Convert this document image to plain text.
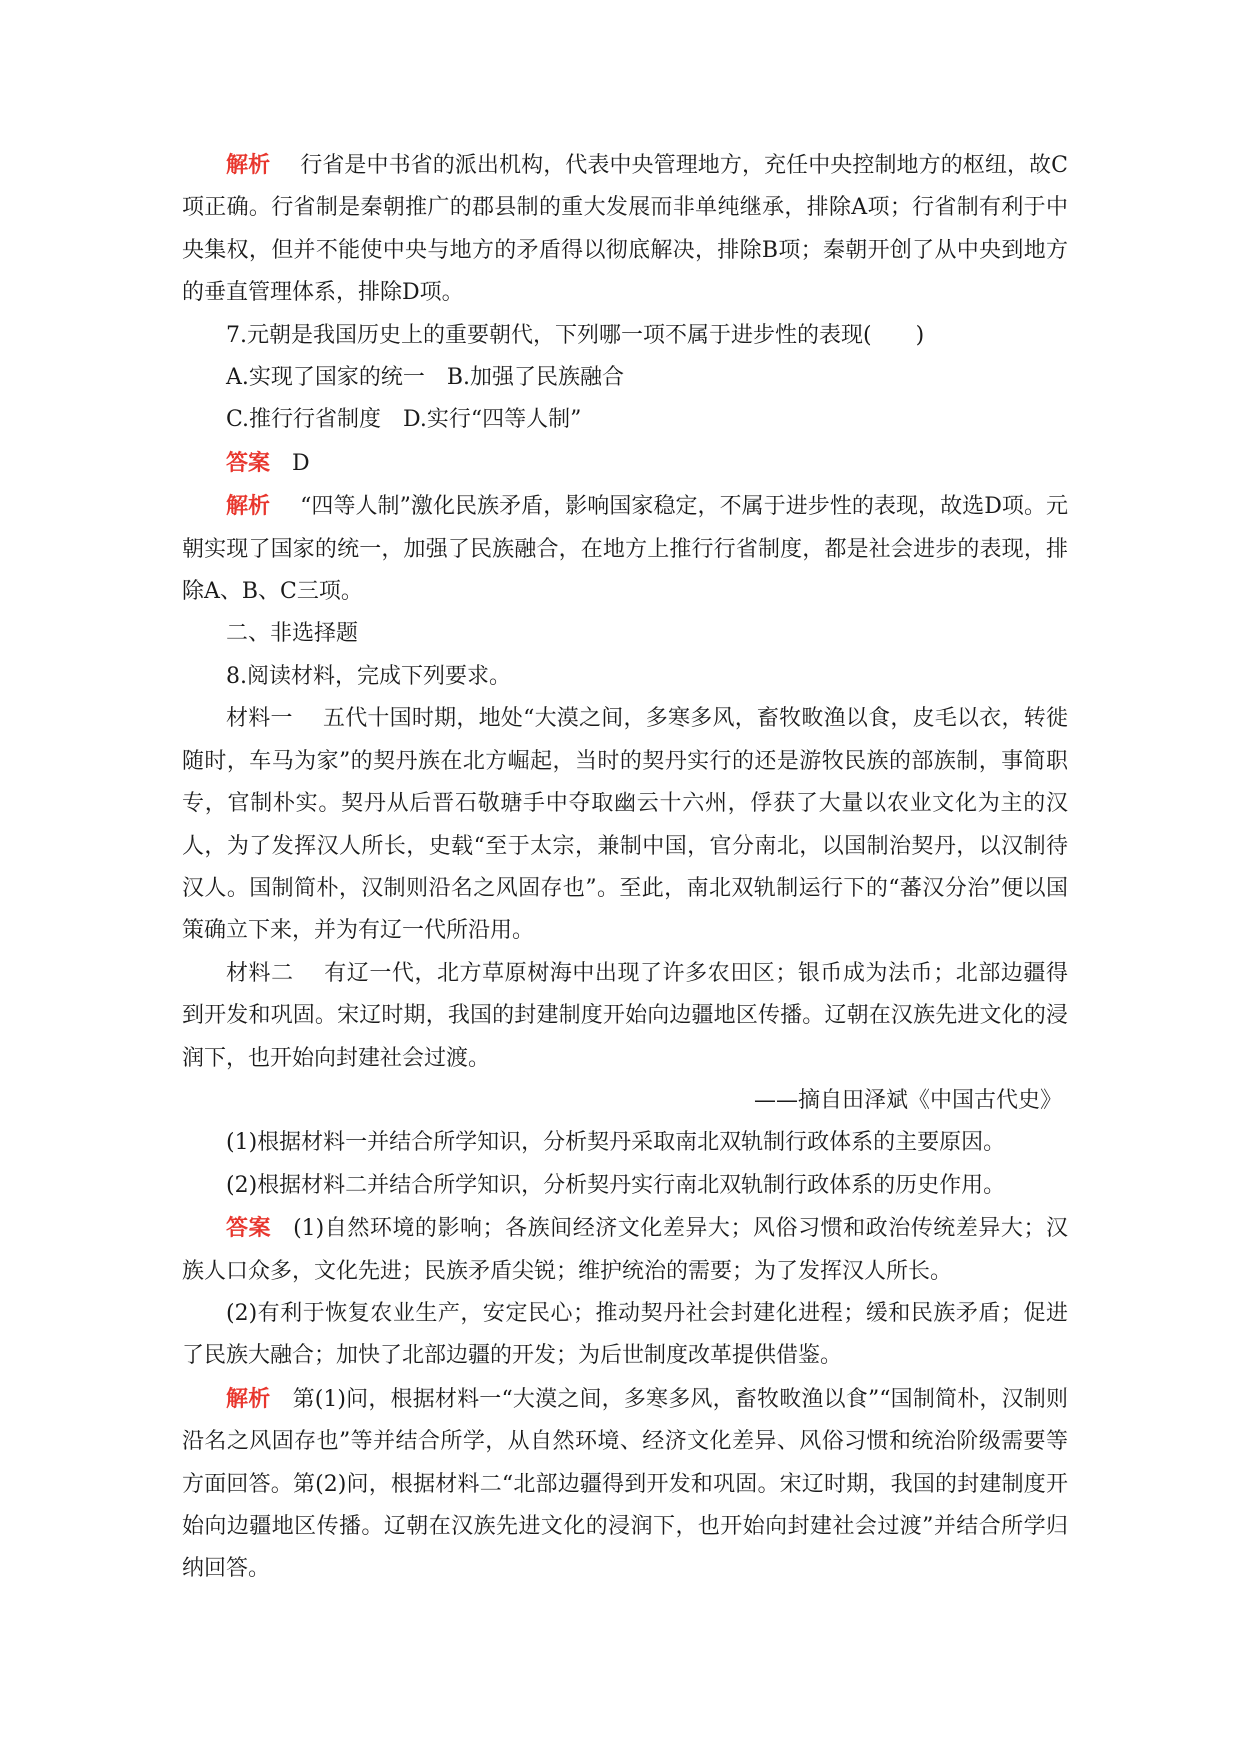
解析 行省是中书省的派出机构，代表中央管理地方，充任中央控制地方的枢纽，故C项正确。行省制是秦朝推广的郡县制的重大发展而非单纯继承，排除A项；行省制有利于中央集权，但并不能使中央与地方的矛盾得以彻底解决，排除B项；秦朝开创了从中央到地方的垂直管理体系，排除D项。

7.元朝是我国历史上的重要朝代，下列哪一项不属于进步性的表现(　　)

A.实现了国家的统一　B.加强了民族融合

C.推行行省制度　D.实行“四等人制”

答案 D

解析 “四等人制”激化民族矛盾，影响国家稳定，不属于进步性的表现，故选D项。元朝实现了国家的统一，加强了民族融合，在地方上推行行省制度，都是社会进步的表现，排除A、B、C三项。

二、非选择题

8.阅读材料，完成下列要求。

材料一 五代十国时期，地处“大漠之间，多寒多风，畜牧畋渔以食，皮毛以衣，转徙随时，车马为家”的契丹族在北方崛起，当时的契丹实行的还是游牧民族的部族制，事简职专，官制朴实。契丹从后晋石敬瑭手中夺取幽云十六州，俘获了大量以农业文化为主的汉人，为了发挥汉人所长，史载“至于太宗，兼制中国，官分南北，以国制治契丹，以汉制待汉人。国制简朴，汉制则沿名之风固存也”。至此，南北双轨制运行下的“蕃汉分治”便以国策确立下来，并为有辽一代所沿用。

材料二 有辽一代，北方草原树海中出现了许多农田区；银币成为法币；北部边疆得到开发和巩固。宋辽时期，我国的封建制度开始向边疆地区传播。辽朝在汉族先进文化的浸润下，也开始向封建社会过渡。

——摘自田泽斌《中国古代史》

(1)根据材料一并结合所学知识，分析契丹采取南北双轨制行政体系的主要原因。

(2)根据材料二并结合所学知识，分析契丹实行南北双轨制行政体系的历史作用。

答案 (1)自然环境的影响；各族间经济文化差异大；风俗习惯和政治传统差异大；汉族人口众多，文化先进；民族矛盾尖锐；维护统治的需要；为了发挥汉人所长。

(2)有利于恢复农业生产，安定民心；推动契丹社会封建化进程；缓和民族矛盾；促进了民族大融合；加快了北部边疆的开发；为后世制度改革提供借鉴。

解析 第(1)问，根据材料一“大漠之间，多寒多风，畜牧畋渔以食”“国制简朴，汉制则沿名之风固存也”等并结合所学，从自然环境、经济文化差异、风俗习惯和统治阶级需要等方面回答。第(2)问，根据材料二“北部边疆得到开发和巩固。宋辽时期，我国的封建制度开始向边疆地区传播。辽朝在汉族先进文化的浸润下，也开始向封建社会过渡”并结合所学归纳回答。
